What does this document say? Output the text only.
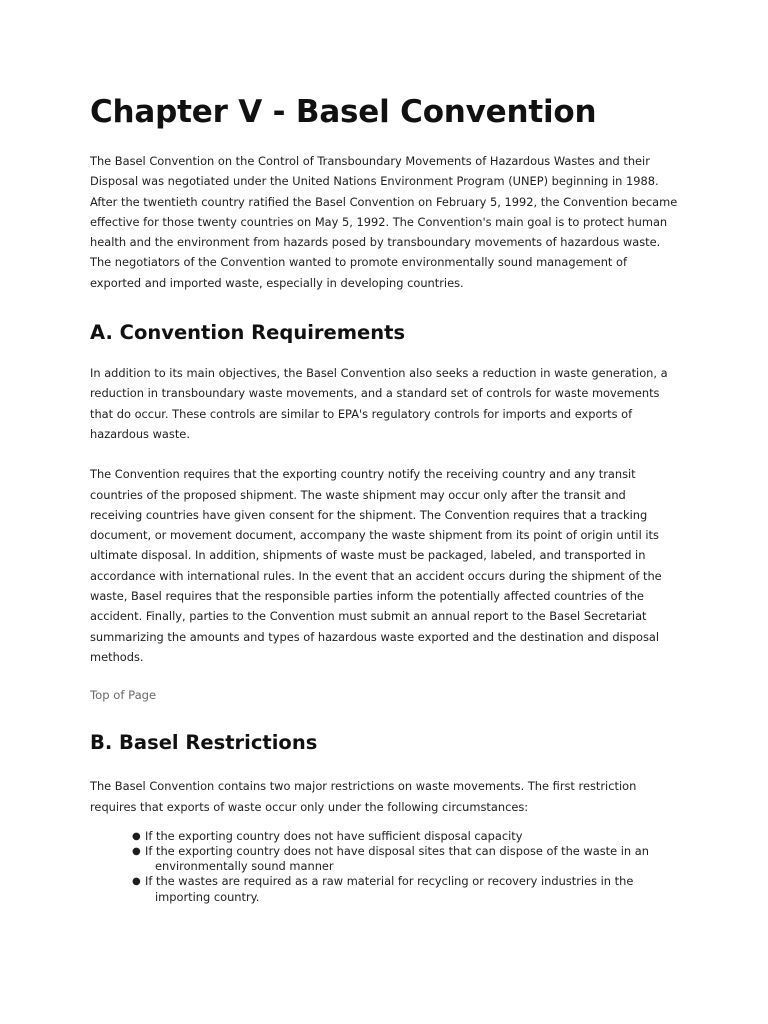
Chapter V - Basel Convention

The Basel Convention on the Control of Transboundary Movements of Hazardous Wastes and their
Disposal was negotiated under the United Nations Environment Program (UNEP) beginning in 1988.
After the twentieth country ratified the Basel Convention on February 5, 1992, the Convention became
effective for those twenty countries on May 5, 1992. The Convention's main goal is to protect human
health and the environment from hazards posed by transboundary movements of hazardous waste.
The negotiators of the Convention wanted to promote environmentally sound management of
exported and imported waste, especially in developing countries.

A. Convention Requirements

In addition to its main objectives, the Basel Convention also seeks a reduction in waste generation, a
reduction in transboundary waste movements, and a standard set of controls for waste movements
that do occur. These controls are similar to EPA's regulatory controls for imports and exports of
hazardous waste.

The Convention requires that the exporting country notify the receiving country and any transit
countries of the proposed shipment. The waste shipment may occur only after the transit and
receiving countries have given consent for the shipment. The Convention requires that a tracking
document, or movement document, accompany the waste shipment from its point of origin until its
ultimate disposal. In addition, shipments of waste must be packaged, labeled, and transported in
accordance with international rules. In the event that an accident occurs during the shipment of the
waste, Basel requires that the responsible parties inform the potentially affected countries of the
accident. Finally, parties to the Convention must submit an annual report to the Basel Secretariat
summarizing the amounts and types of hazardous waste exported and the destination and disposal
methods.

Top of Page
B. Basel Restrictions

The Basel Convention contains two major restrictions on waste movements. The first restriction
requires that exports of waste occur only under the following circumstances:

● If the exporting country does not have sufficient disposal capacity
● If the exporting country does not have disposal sites that can dispose of the waste in an
environmentally sound manner
● If the wastes are required as a raw material for recycling or recovery industries in the
importing country.
